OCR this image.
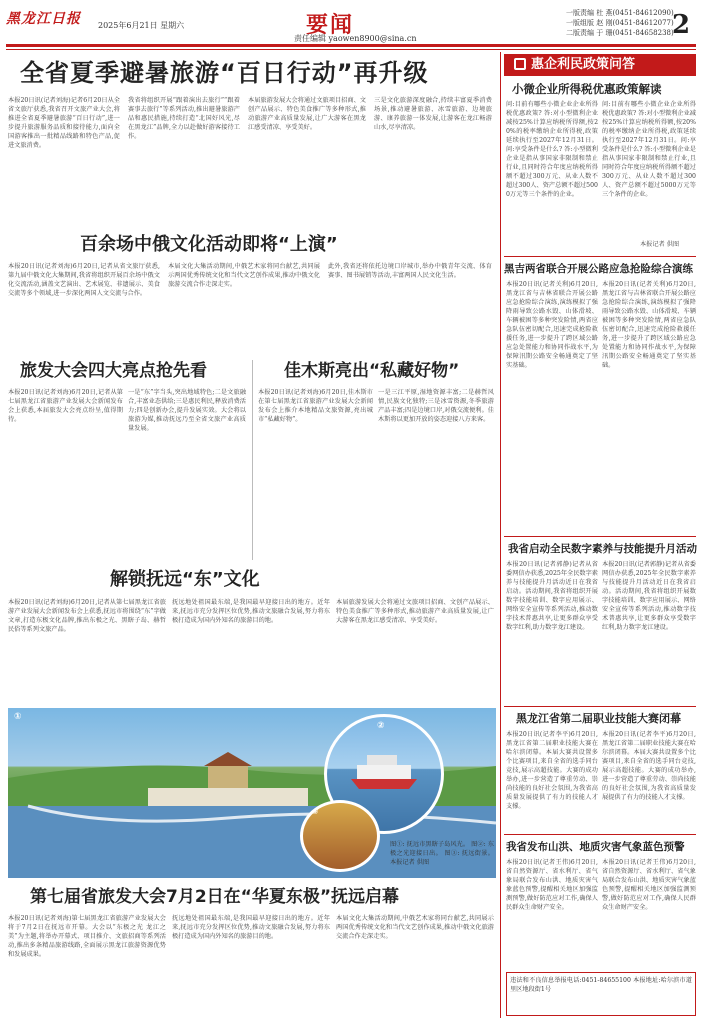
黑龙江日报 2025年6月21日 星期六	要闻
责任编辑 yaowen8900@sina.cn
一版责编 杜 燕(0451-84612090)
一版组版 赵 刚(0451-84612077)
二版责编 于 珊(0451-84658238)
2
全省夏季避暑旅游“百日行动”再升级
本报20日讯(记者刘海)记者6月20日从全省文旅厅获悉,我省召开文旅产业大会,将推进全省夏季避暑旅游“百日行动”,进一步提升旅游服务品质和接待能力,面向全国游客推出一批精品线路和特色产品,促进文旅消费。
我省将组织开展“跟着演出去旅行”“跟着赛事去旅行”等系列活动,推出避暑旅游产品和惠民措施,持续打造“北国好风光,尽在黑龙江”品牌,全力以赴做好游客接待工作。
本届旅游发展大会将通过文旅项目招商、文创产品展示、特色美食推广等多种形式,推动旅游产业高质量发展,让广大游客在黑龙江感受清凉、享受美好。
三是文化旅游深度融合,持续丰富夏季消费场景,推动避暑旅游、冰雪旅游、边境旅游、康养旅游一体发展,让游客在龙江畅游山水,尽享清凉。
百余场中俄文化活动即将“上演”
本报20日讯(记者刘海)6月20日,记者从省文旅厅获悉,第九届中俄文化大集期间,我省将组织开展百余场中俄文化交流活动,涵盖文艺演出、艺术展览、非遗展示、美食交流等多个领域,进一步深化两国人文交流与合作。
本届文化大集活动期间,中俄艺术家将同台献艺,共同展示两国优秀传统文化和当代文艺创作成果,推动中俄文化旅游交流合作走深走实。
此外,我省还将依托边境口岸城市,举办中俄青年交流、体育赛事、图书展销等活动,丰富两国人民文化生活。
旅发大会四大亮点抢先看
本报20日讯(记者刘海)6月20日,记者从第七届黑龙江省旅游产业发展大会新闻发布会上获悉,本届旅发大会亮点纷呈,值得期待。
一是“东”字当头,突出地域特色;二是文旅融合,丰富业态供给;三是惠民利民,释放消费活力;四是创新办会,提升发展实效。大会将以旅游为媒,推动抚远乃至全省文旅产业高质量发展。
佳木斯亮出“私藏好物”
本报20日讯(记者刘海)6月20日,佳木斯市在第七届黑龙江省旅游产业发展大会新闻发布会上推介本地精品文旅资源,亮出城市“私藏好物”。
一是三江平原,湿地资源丰富;二是赫哲风情,民族文化独特;三是冰雪资源,冬季旅游产品丰富;四是边境口岸,对俄交流便利。佳木斯将以更加开放的姿态迎接八方来客。
解锁抚远“东”文化
本报20日讯(记者刘海)6月20日,记者从第七届黑龙江省旅游产业发展大会新闻发布会上获悉,抚远市将围绕“东”字做文章,打造东极文化品牌,推出东极之光、黑瞎子岛、赫哲民俗等系列文旅产品。
抚远地处祖国最东端,是我国最早迎接日出的地方。近年来,抚远市充分发挥区位优势,推动文旅融合发展,努力将东极打造成为国内外知名的旅游目的地。
本届旅游发展大会将通过文旅项目招商、文创产品展示、特色美食推广等多种形式,推动旅游产业高质量发展,让广大游客在黑龙江感受清凉、享受美好。
①
②
③
图①: 抚远市黑瞎子岛风光。 图②: 东极之光迎接日出。 图③: 抚远街景。本报记者 供图
第七届省旅发大会7月2日在“华夏东极”抚远启幕
本报20日讯(记者刘海)第七届黑龙江省旅游产业发展大会将于7月2日在抚远市开幕。大会以“东极之光 龙江之美”为主题,将举办开幕式、项目推介、文旅招商等系列活动,推出多条精品旅游线路,全面展示黑龙江旅游资源优势和发展成果。
抚远地处祖国最东端,是我国最早迎接日出的地方。近年来,抚远市充分发挥区位优势,推动文旅融合发展,努力将东极打造成为国内外知名的旅游目的地。
本届文化大集活动期间,中俄艺术家将同台献艺,共同展示两国优秀传统文化和当代文艺创作成果,推动中俄文化旅游交流合作走深走实。
惠企利民政策问答
小微企业所得税优惠政策解读
问:目前有哪些小微企业企业所得税优惠政策? 答:对小型微利企业减按25%计算应纳税所得额,按20%的税率缴纳企业所得税,政策延续执行至2027年12月31日。问:享受条件是什么? 答:小型微利企业是指从事国家非限制和禁止行业,且同时符合年度应纳税所得额不超过300万元、从业人数不超过300人、资产总额不超过5000万元等三个条件的企业。
问:目前有哪些小微企业企业所得税优惠政策? 答:对小型微利企业减按25%计算应纳税所得额,按20%的税率缴纳企业所得税,政策延续执行至2027年12月31日。问:享受条件是什么? 答:小型微利企业是指从事国家非限制和禁止行业,且同时符合年度应纳税所得额不超过300万元、从业人数不超过300人、资产总额不超过5000万元等三个条件的企业。
本报记者 供图
黑吉两省联合开展公路应急抢险综合演练
本报20日讯(记者关利)6月20日,黑龙江省与吉林省联合开展公路应急抢险综合演练,演练模拟了强降雨导致公路水毁、山体滑坡、车辆被困等多种突发险情,两省应急队伍密切配合,迅速完成抢险救援任务,进一步提升了跨区域公路应急处置能力和协同作战水平,为保障汛期公路安全畅通奠定了坚实基础。
本报20日讯(记者关利)6月20日,黑龙江省与吉林省联合开展公路应急抢险综合演练,演练模拟了强降雨导致公路水毁、山体滑坡、车辆被困等多种突发险情,两省应急队伍密切配合,迅速完成抢险救援任务,进一步提升了跨区域公路应急处置能力和协同作战水平,为保障汛期公路安全畅通奠定了坚实基础。
我省启动全民数字素养与技能提升月活动
本报20日讯(记者郭静)记者从省委网信办获悉,2025年全民数字素养与技能提升月活动近日在我省启动。活动期间,我省将组织开展数字技能培训、数字应用展示、网络安全宣传等系列活动,推动数字技术普惠共享,让更多群众享受数字红利,助力数字龙江建设。
本报20日讯(记者郭静)记者从省委网信办获悉,2025年全民数字素养与技能提升月活动近日在我省启动。活动期间,我省将组织开展数字技能培训、数字应用展示、网络安全宣传等系列活动,推动数字技术普惠共享,让更多群众享受数字红利,助力数字龙江建设。
黑龙江省第二届职业技能大赛闭幕
本报20日讯(记者李平)6月20日,黑龙江省第二届职业技能大赛在哈尔滨闭幕。本届大赛共设置多个比赛项目,来自全省的选手同台竞技,展示高超技能。大赛的成功举办,进一步营造了尊重劳动、崇尚技能的良好社会氛围,为我省高质量发展提供了有力的技能人才支撑。
本报20日讯(记者李平)6月20日,黑龙江省第二届职业技能大赛在哈尔滨闭幕。本届大赛共设置多个比赛项目,来自全省的选手同台竞技,展示高超技能。大赛的成功举办,进一步营造了尊重劳动、崇尚技能的良好社会氛围,为我省高质量发展提供了有力的技能人才支撑。
我省发布山洪、地质灾害气象蓝色预警
本报20日讯(记者王伟)6月20日,省自然资源厅、省水利厅、省气象局联合发布山洪、地质灾害气象蓝色预警,提醒相关地区加强监测预警,做好防范应对工作,确保人民群众生命财产安全。
本报20日讯(记者王伟)6月20日,省自然资源厅、省水利厅、省气象局联合发布山洪、地质灾害气象蓝色预警,提醒相关地区加强监测预警,做好防范应对工作,确保人民群众生命财产安全。
违法和不良信息举报电话:0451-84655100 本报地址:哈尔滨市道里区地段街1号
